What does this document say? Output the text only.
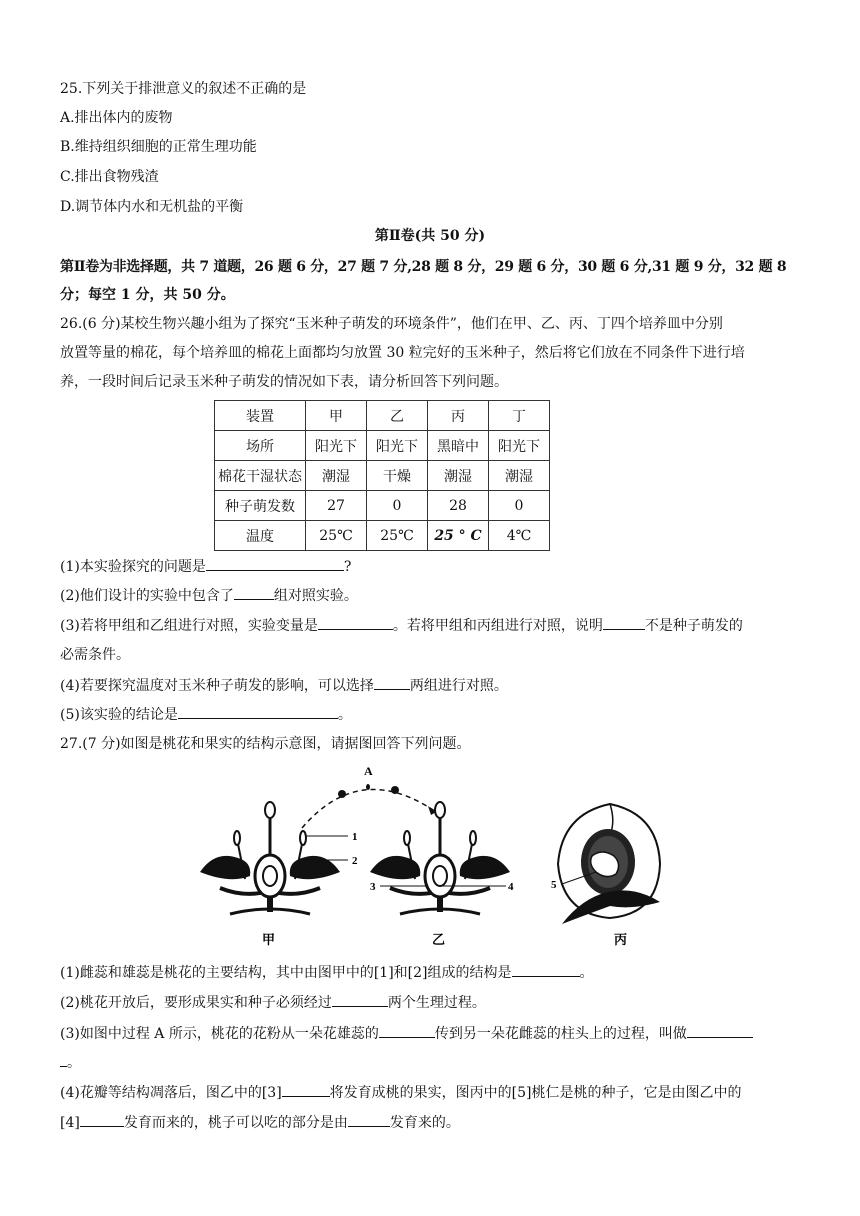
25.下列关于排泄意义的叙述不正确的是
A.排出体内的废物
B.维持组织细胞的正常生理功能
C.排出食物残渣
D.调节体内水和无机盐的平衡
第Ⅱ卷(共 50 分)
第Ⅱ卷为非选择题，共 7 道题，26 题 6 分，27 题 7 分,28 题 8 分，29 题 6 分，30 题 6 分,31 题 9 分，32 题 8
分；每空 1 分，共 50 分。
26.(6 分)某校生物兴趣小组为了探究“玉米种子萌发的环境条件”，他们在甲、乙、丙、丁四个培养皿中分别
放置等量的棉花，每个培养皿的棉花上面都均匀放置 30 粒完好的玉米种子，然后将它们放在不同条件下进行培
养，一段时间后记录玉米种子萌发的情况如下表，请分析回答下列问题。
装置	甲	乙	丙	丁
场所	阳光下	阳光下	黑暗中	阳光下
棉花干湿状态	潮湿	干燥	潮湿	潮湿
种子萌发数	27	0	28	0
温度	25℃	25℃	25 ° C	4℃
(1)本实验探究的问题是	?
(2)他们设计的实验中包含了	组对照实验。
(3)若将甲组和乙组进行对照，实验变量是	。若将甲组和丙组进行对照，说明	不是种子萌发的
必需条件。
(4)若要探究温度对玉米种子萌发的影响，可以选择	两组进行对照。
(5)该实验的结论是	。
27.(7 分)如图是桃花和果实的结构示意图，请据图回答下列问题。
1
2
甲
A
3	4
乙
5
丙
(1)雌蕊和雄蕊是桃花的主要结构，其中由图甲中的[1]和[2]组成的结构是	。
(2)桃花开放后，要形成果实和种子必须经过	两个生理过程。
(3)如图中过程 A 所示，桃花的花粉从一朵花雄蕊的	传到另一朵花雌蕊的柱头上的过程，叫做
。
(4)花瓣等结构凋落后，图乙中的[3]	将发育成桃的果实，图丙中的[5]桃仁是桃的种子，它是由图乙中的
[4]	发育而来的，桃子可以吃的部分是由	发育来的。
